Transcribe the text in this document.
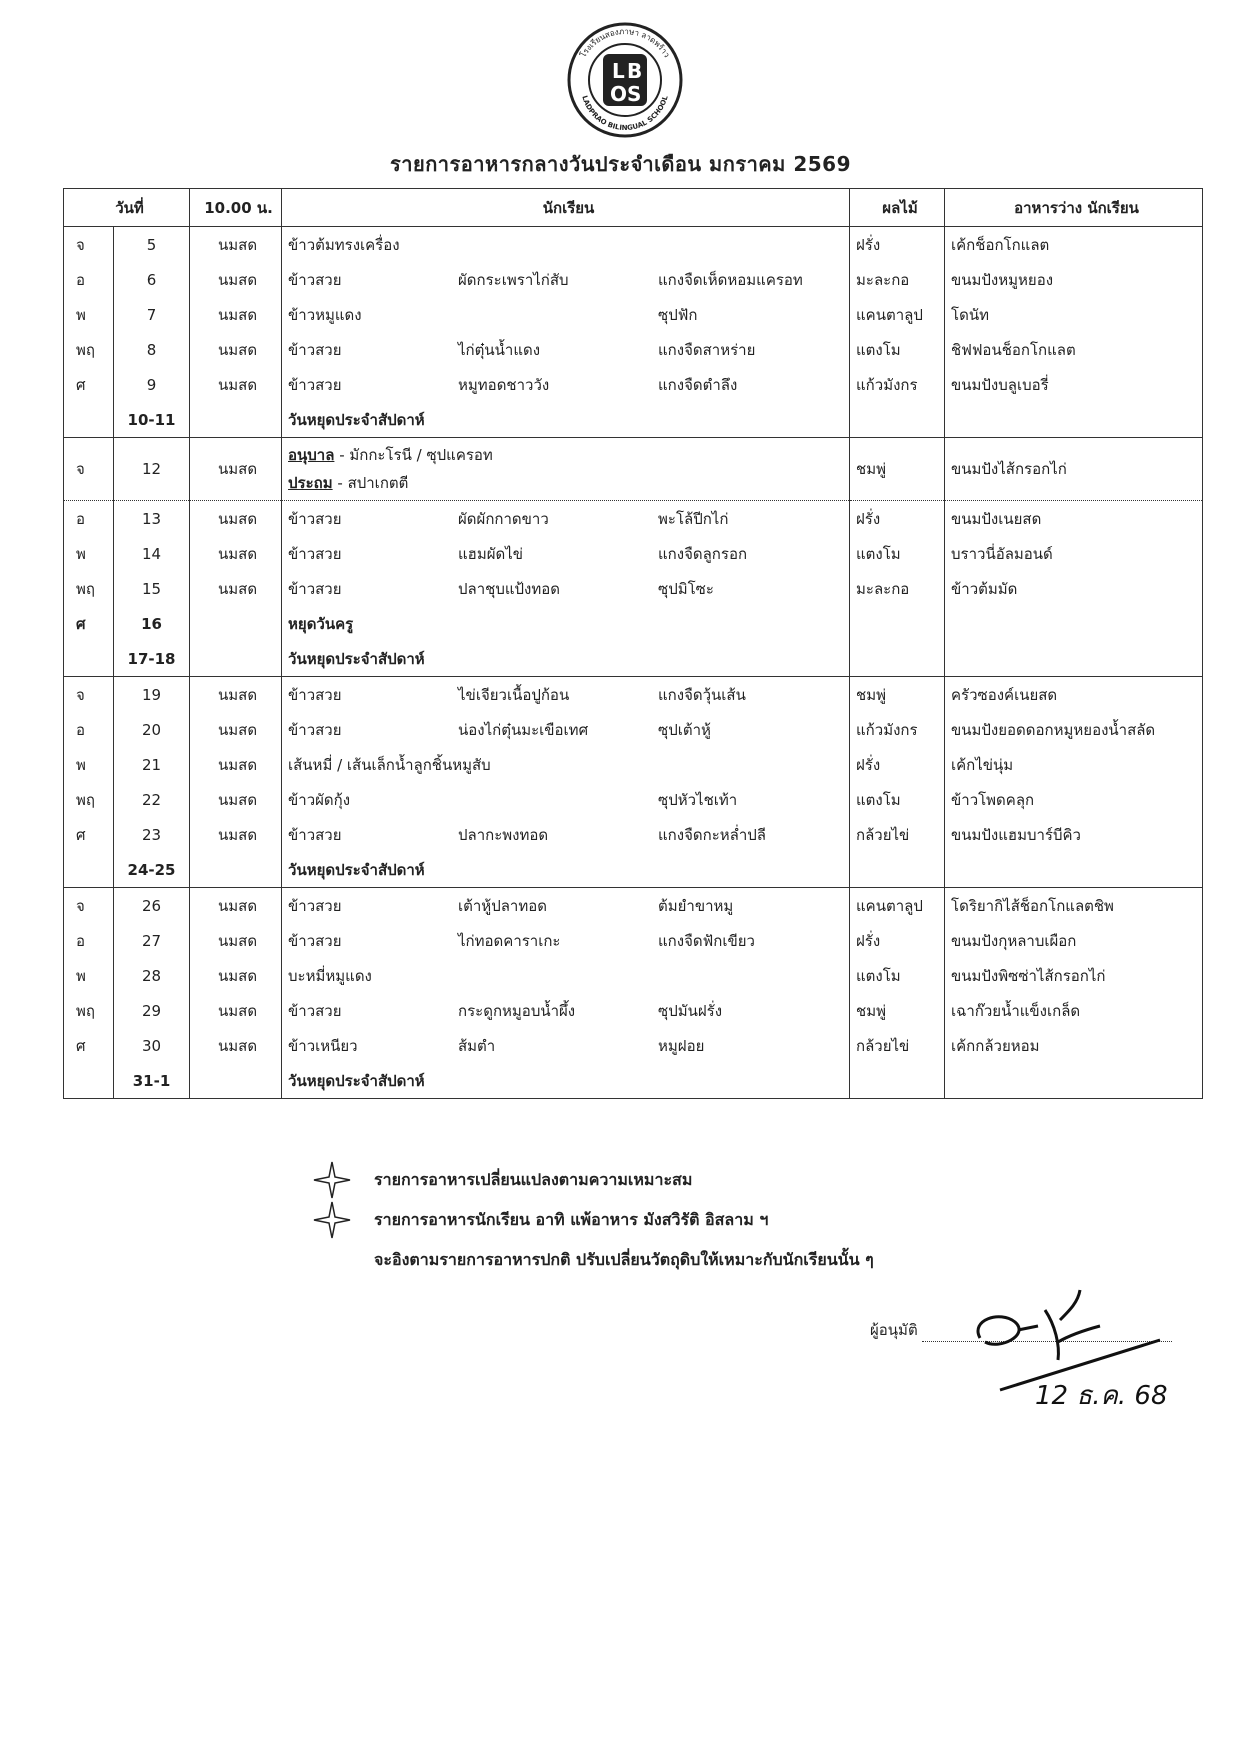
L B
O S
โรงเรียนสองภาษา ลาดพร้าว
LADPRAO BILINGUAL SCHOOL
รายการอาหารกลางวันประจำเดือน มกราคม 2569
วันที่		10.00 น.	นักเรียน	ผลไม้	อาหารว่าง นักเรียน
จ	5	นมสด	ข้าวต้มทรงเครื่อง	ฝรั่ง	เค้กช็อกโกแลต
อ	6	นมสด	ข้าวสวย ผัดกระเพราไก่สับ แกงจืดเห็ดหอมแครอท	มะละกอ	ขนมปังหมูหยอง
พ	7	นมสด	ข้าวหมูแดง ซุปฟัก	แคนตาลูป	โดนัท
พฤ	8	นมสด	ข้าวสวย ไก่ตุ๋นน้ำแดง แกงจืดสาหร่าย	แตงโม	ชิฟฟอนช็อกโกแลต
ศ	9	นมสด	ข้าวสวย หมูทอดชาววัง แกงจืดตำลึง	แก้วมังกร	ขนมปังบลูเบอรี่
	10-11		วันหยุดประจำสัปดาห์		

จ	12	นมสด	อนุบาล - มักกะโรนี / ซุปแครอท
ประถม - สปาเกตตี	ชมพู่	ขนมปังไส้กรอกไก่
อ	13	นมสด	ข้าวสวย ผัดผักกาดขาว พะโล้ปีกไก่	ฝรั่ง	ขนมปังเนยสด
พ	14	นมสด	ข้าวสวย แฮมผัดไข่ แกงจืดลูกรอก	แตงโม	บราวนี่อัลมอนด์
พฤ	15	นมสด	ข้าวสวย ปลาชุบแป้งทอด ซุปมิโซะ	มะละกอ	ข้าวต้มมัด
ศ	16		หยุดวันครู		

	17-18		วันหยุดประจำสัปดาห์		

จ	19	นมสด	ข้าวสวย ไข่เจียวเนื้อปูก้อน แกงจืดวุ้นเส้น	ชมพู่	ครัวซองค์เนยสด
อ	20	นมสด	ข้าวสวย น่องไก่ตุ๋นมะเขือเทศ ซุปเต้าหู้	แก้วมังกร	ขนมปังยอดดอกหมูหยองน้ำสลัด
พ	21	นมสด	เส้นหมี่ / เส้นเล็กน้ำลูกชิ้นหมูสับ	ฝรั่ง	เค้กไข่นุ่ม
พฤ	22	นมสด	ข้าวผัดกุ้ง ซุปหัวไชเท้า	แตงโม	ข้าวโพดคลุก
ศ	23	นมสด	ข้าวสวย ปลากะพงทอด แกงจืดกะหล่ำปลี	กล้วยไข่	ขนมปังแฮมบาร์บีคิว
	24-25		วันหยุดประจำสัปดาห์		

จ	26	นมสด	ข้าวสวย เต้าหู้ปลาทอด ต้มยำขาหมู	แคนตาลูป	โดริยากิไส้ช็อกโกแลตชิพ
อ	27	นมสด	ข้าวสวย ไก่ทอดคาราเกะ แกงจืดฟักเขียว	ฝรั่ง	ขนมปังกุหลาบเผือก
พ	28	นมสด	บะหมี่หมูแดง	แตงโม	ขนมปังพิซซ่าไส้กรอกไก่
พฤ	29	นมสด	ข้าวสวย กระดูกหมูอบน้ำผึ้ง ซุปมันฝรั่ง	ชมพู่	เฉาก๊วยน้ำแข็งเกล็ด
ศ	30	นมสด	ข้าวเหนียว ส้มตำ หมูฝอย	กล้วยไข่	เค้กกล้วยหอม
	31-1		วันหยุดประจำสัปดาห์		

รายการอาหารเปลี่ยนแปลงตามความเหมาะสม
รายการอาหารนักเรียน อาทิ แพ้อาหาร มังสวิรัติ อิสลาม ฯ
จะอิงตามรายการอาหารปกติ ปรับเปลี่ยนวัตถุดิบให้เหมาะกับนักเรียนนั้น ๆ
ผู้อนุมัติ
12 ธ.ค. 68
